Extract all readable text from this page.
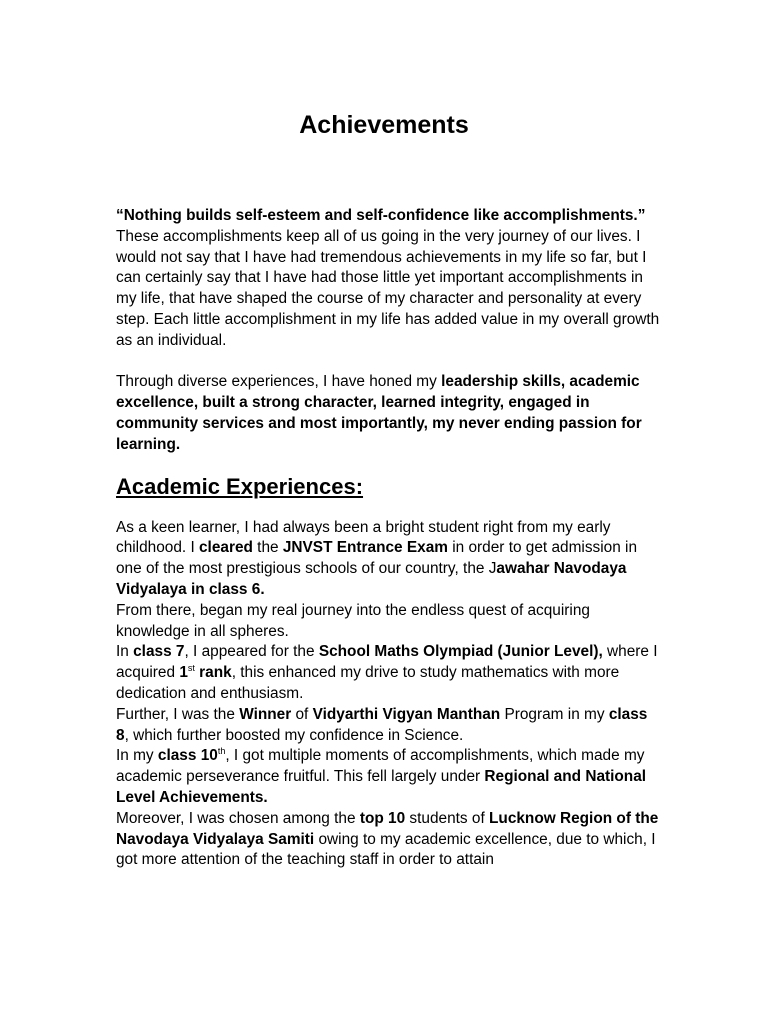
Achievements

“Nothing builds self-esteem and self-confidence like accomplishments.” These accomplishments keep all of us going in the very journey of our lives. I would not say that I have had tremendous achievements in my life so far, but I can certainly say that I have had those little yet important accomplishments in my life, that have shaped the course of my character and personality at every step. Each little accomplishment in my life has added value in my overall growth as an individual.

Through diverse experiences, I have honed my leadership skills, academic excellence, built a strong character, learned integrity, engaged in community services and most importantly, my never ending passion for learning.

Academic Experiences:

As a keen learner, I had always been a bright student right from my early childhood. I cleared the JNVST Entrance Exam in order to get admission in one of the most prestigious schools of our country, the Jawahar Navodaya Vidyalaya in class 6.

From there, began my real journey into the endless quest of acquiring knowledge in all spheres.

In class 7, I appeared for the School Maths Olympiad (Junior Level), where I acquired 1st rank, this enhanced my drive to study mathematics with more dedication and enthusiasm.

Further, I was the Winner of Vidyarthi Vigyan Manthan Program in my class 8, which further boosted my confidence in Science.

In my class 10th, I got multiple moments of accomplishments, which made my academic perseverance fruitful. This fell largely under Regional and National Level Achievements.

Moreover, I was chosen among the top 10 students of Lucknow Region of the Navodaya Vidyalaya Samiti owing to my academic excellence, due to which, I got more attention of the teaching staff in order to attain
